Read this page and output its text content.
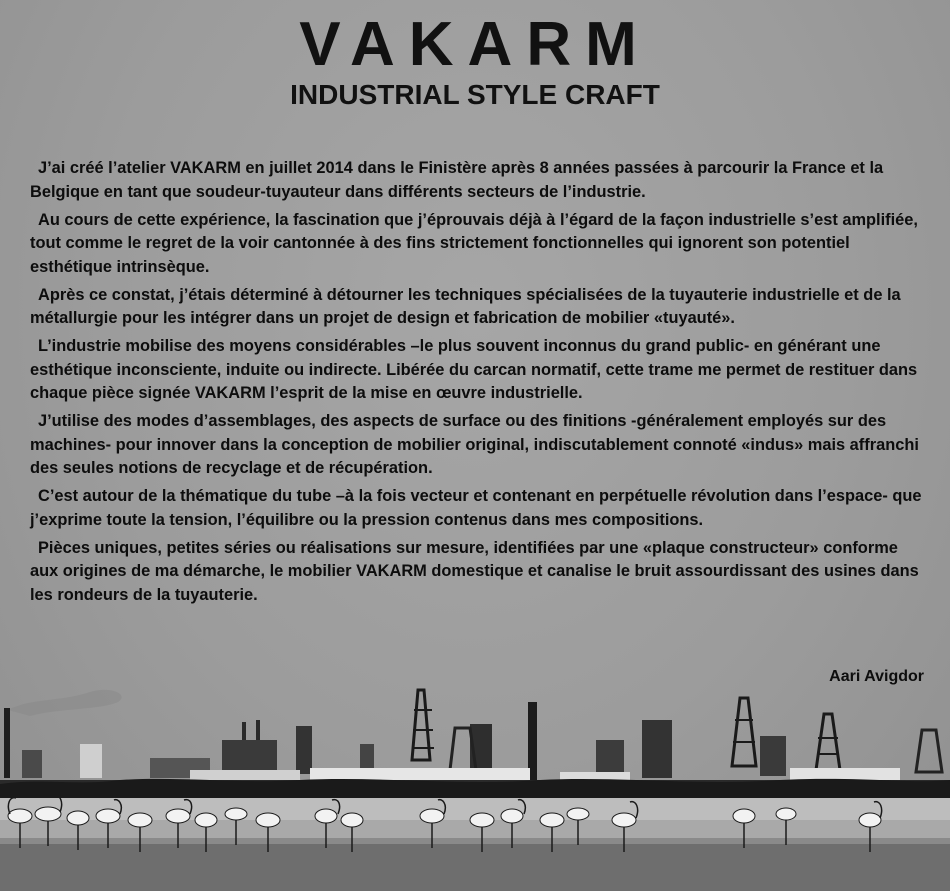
VAKARM
INDUSTRIAL STYLE CRAFT

J’ai créé l’atelier VAKARM en juillet 2014 dans le Finistère après 8 années passées à parcourir la France et la Belgique en tant que soudeur-tuyauteur dans différents secteurs de l’industrie.

Au cours de cette expérience, la fascination que j’éprouvais déjà à l’égard de la façon industrielle s’est amplifiée, tout comme le regret de la voir cantonnée à des fins strictement fonctionnelles qui ignorent son potentiel esthétique intrinsèque.

Après ce constat, j’étais déterminé à détourner les techniques spécialisées de la tuyauterie industrielle et de la métallurgie pour les intégrer dans un projet de design et fabrication de mobilier «tuyauté».

L’industrie mobilise des moyens considérables –le plus souvent inconnus du grand public- en générant une esthétique inconsciente, induite ou indirecte. Libérée du carcan normatif, cette trame me permet de restituer dans chaque pièce signée VAKARM l’esprit de la mise en œuvre industrielle.

J’utilise des modes d’assemblages, des aspects de surface ou des finitions -généralement employés sur des machines- pour innover dans la conception de mobilier original, indiscutablement connoté «indus» mais affranchi des seules notions de recyclage et de récupération.

C’est autour de la thématique du tube –à la fois vecteur et contenant en perpétuelle révolution dans l’espace- que j’exprime toute la tension, l’équilibre ou la pression contenus dans mes compositions.

Pièces uniques, petites séries ou réalisations sur mesure, identifiées par une «plaque constructeur» conforme aux origines de ma démarche, le mobilier VAKARM domestique et canalise le bruit assourdissant des usines dans les rondeurs de la tuyauterie.

Aari Avigdor
